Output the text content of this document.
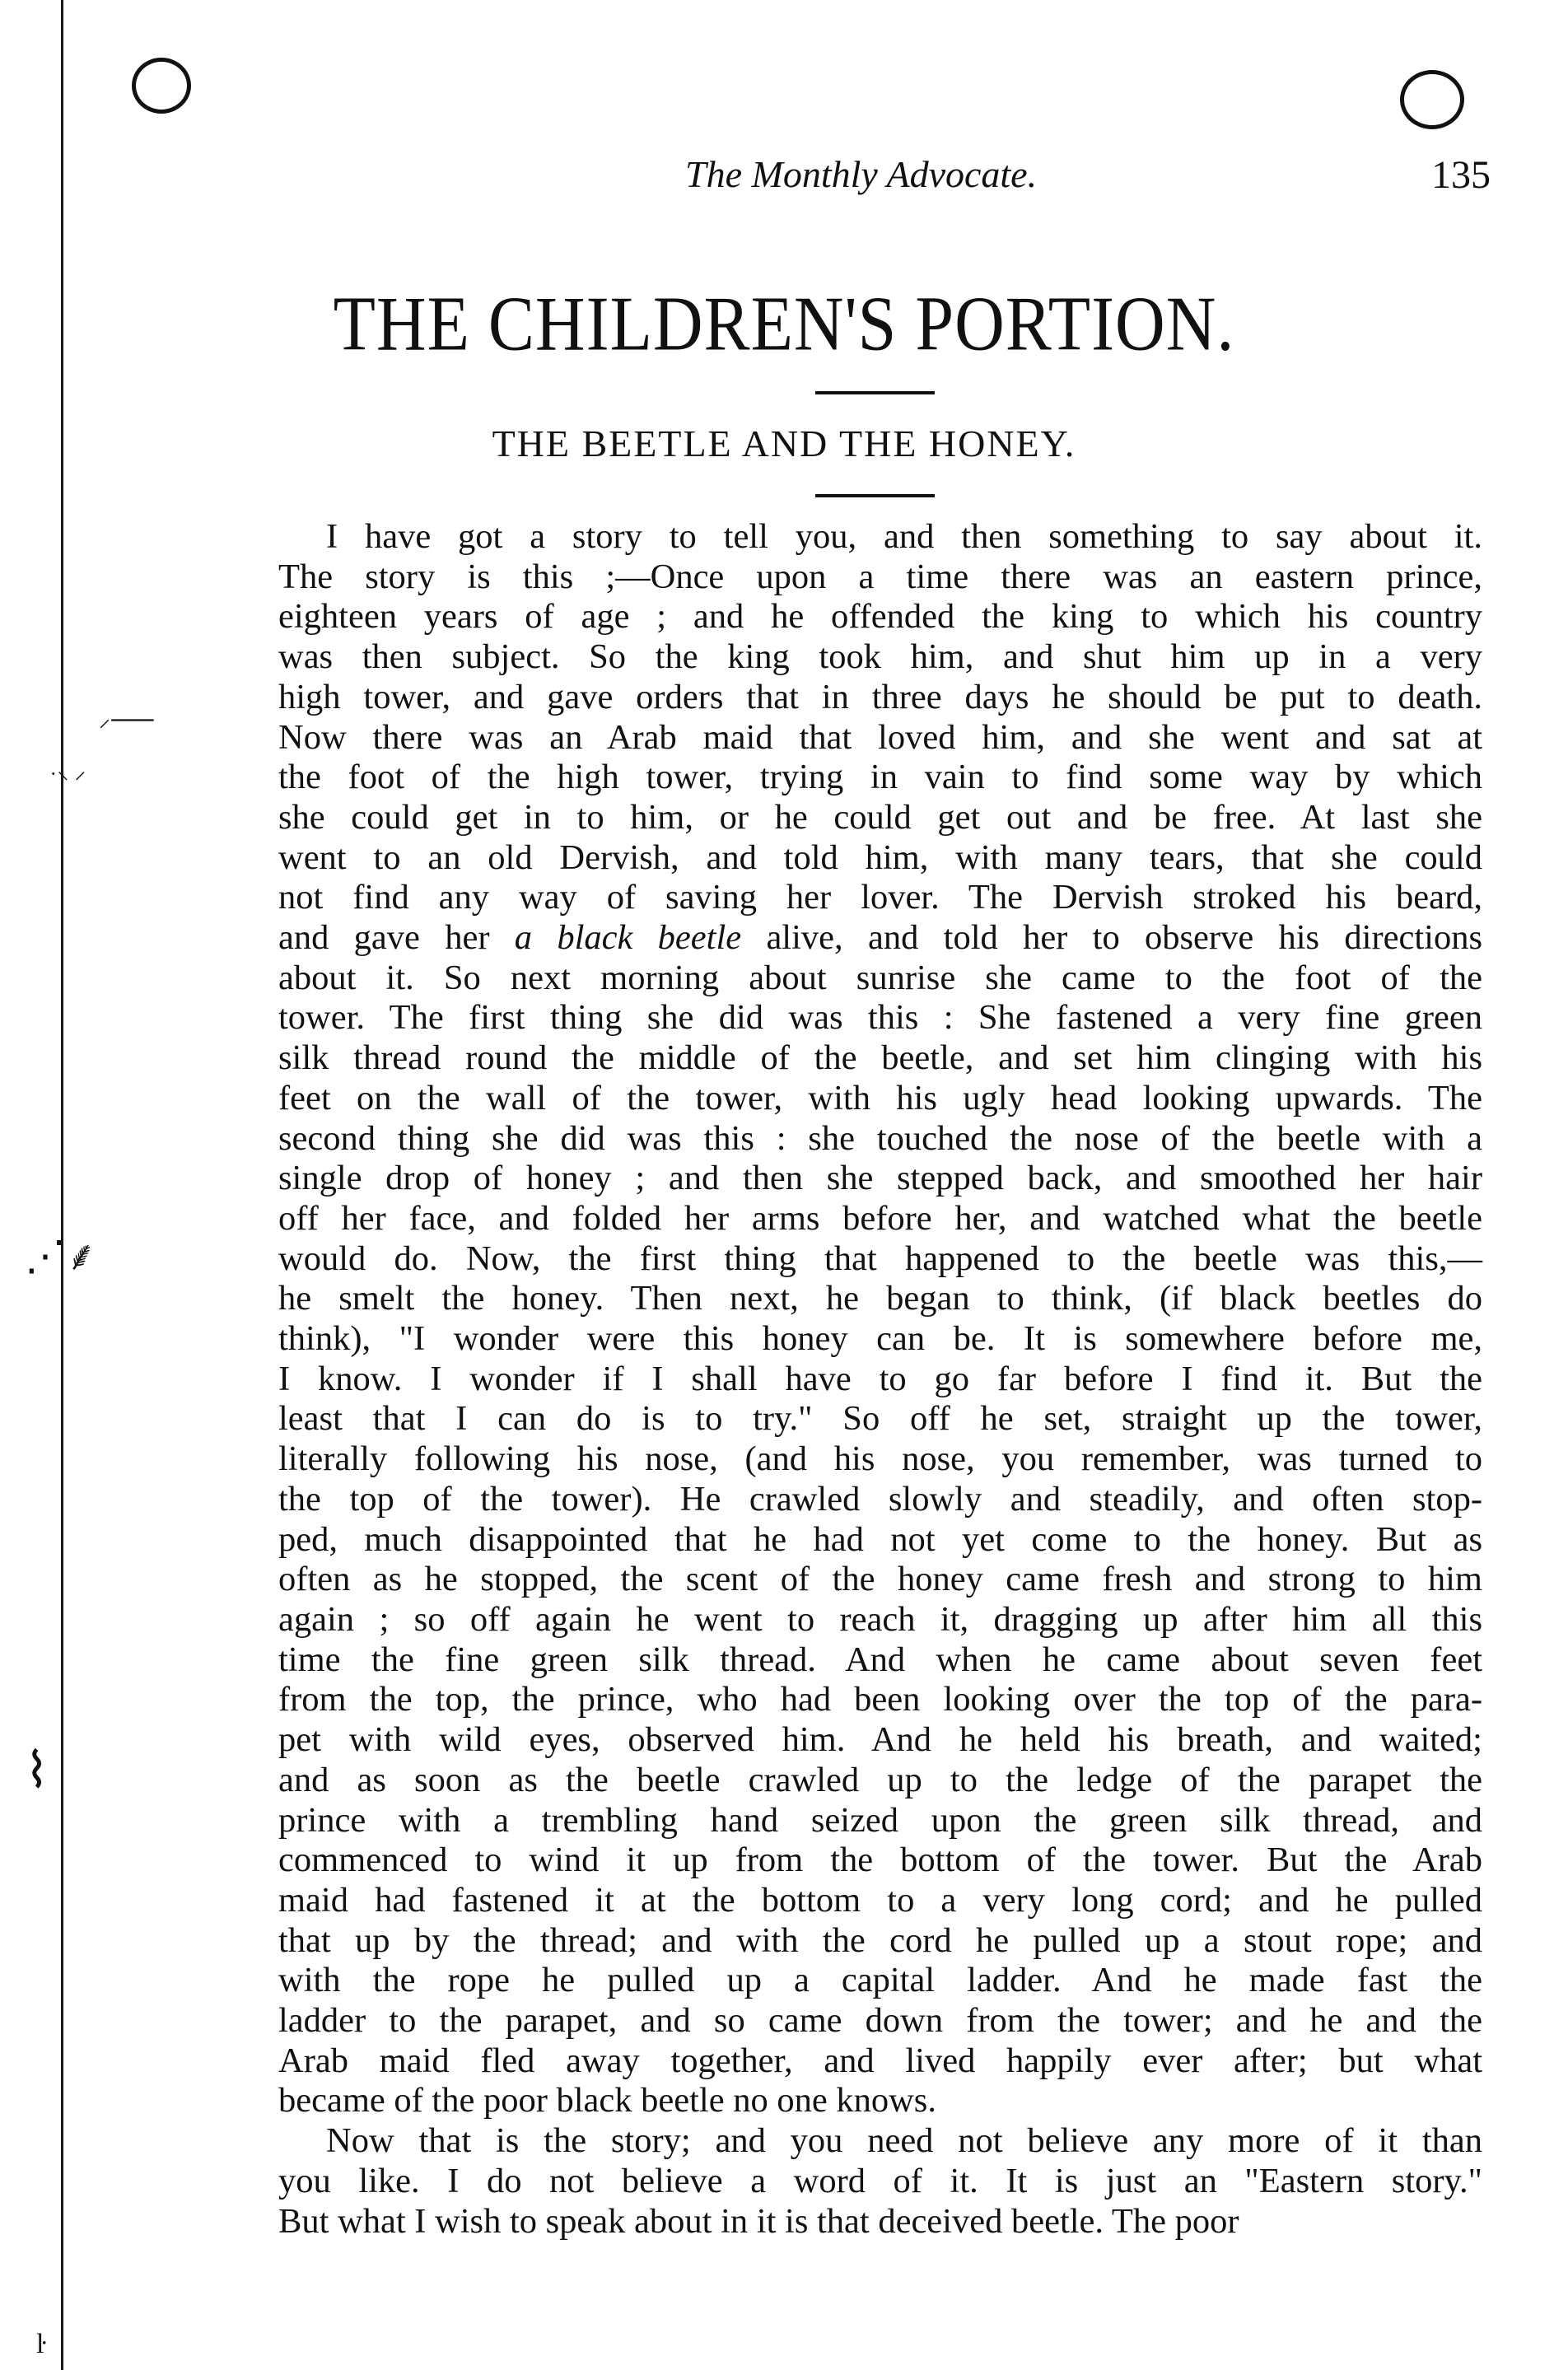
⸝⸺
˙⸌ ⸍
⋰⸙
⌇
ŀ
The Monthly Advocate.	135
THE CHILDREN'S PORTION.
THE BEETLE AND THE HONEY.

I have got a story to tell you, and then something to say about it.
The story is this ;—Once upon a time there was an eastern prince,
eighteen years of age ; and he offended the king to which his country
was then subject. So the king took him, and shut him up in a very
high tower, and gave orders that in three days he should be put to death.
Now there was an Arab maid that loved him, and she went and sat at
the foot of the high tower, trying in vain to find some way by which
she could get in to him, or he could get out and be free. At last she
went to an old Dervish, and told him, with many tears, that she could
not find any way of saving her lover. The Dervish stroked his beard,
and gave her a black beetle alive, and told her to observe his directions
about it. So next morning about sunrise she came to the foot of the
tower. The first thing she did was this : She fastened a very fine green
silk thread round the middle of the beetle, and set him clinging with his
feet on the wall of the tower, with his ugly head looking upwards. The
second thing she did was this : she touched the nose of the beetle with a
single drop of honey ; and then she stepped back, and smoothed her hair
off her face, and folded her arms before her, and watched what the beetle
would do. Now, the first thing that happened to the beetle was this,—
he smelt the honey. Then next, he began to think, (if black beetles do
think), "I wonder were this honey can be. It is somewhere before me,
I know. I wonder if I shall have to go far before I find it. But the
least that I can do is to try." So off he set, straight up the tower,
literally following his nose, (and his nose, you remember, was turned to
the top of the tower). He crawled slowly and steadily, and often stop-
ped, much disappointed that he had not yet come to the honey. But as
often as he stopped, the scent of the honey came fresh and strong to him
again ; so off again he went to reach it, dragging up after him all this
time the fine green silk thread. And when he came about seven feet
from the top, the prince, who had been looking over the top of the para-
pet with wild eyes, observed him. And he held his breath, and waited;
and as soon as the beetle crawled up to the ledge of the parapet the
prince with a trembling hand seized upon the green silk thread, and
commenced to wind it up from the bottom of the tower. But the Arab
maid had fastened it at the bottom to a very long cord; and he pulled
that up by the thread; and with the cord he pulled up a stout rope; and
with the rope he pulled up a capital ladder. And he made fast the
ladder to the parapet, and so came down from the tower; and he and the
Arab maid fled away together, and lived happily ever after; but what
became of the poor black beetle no one knows.

Now that is the story; and you need not believe any more of it than
you like. I do not believe a word of it. It is just an "Eastern story."
But what I wish to speak about in it is that deceived beetle. The poor
